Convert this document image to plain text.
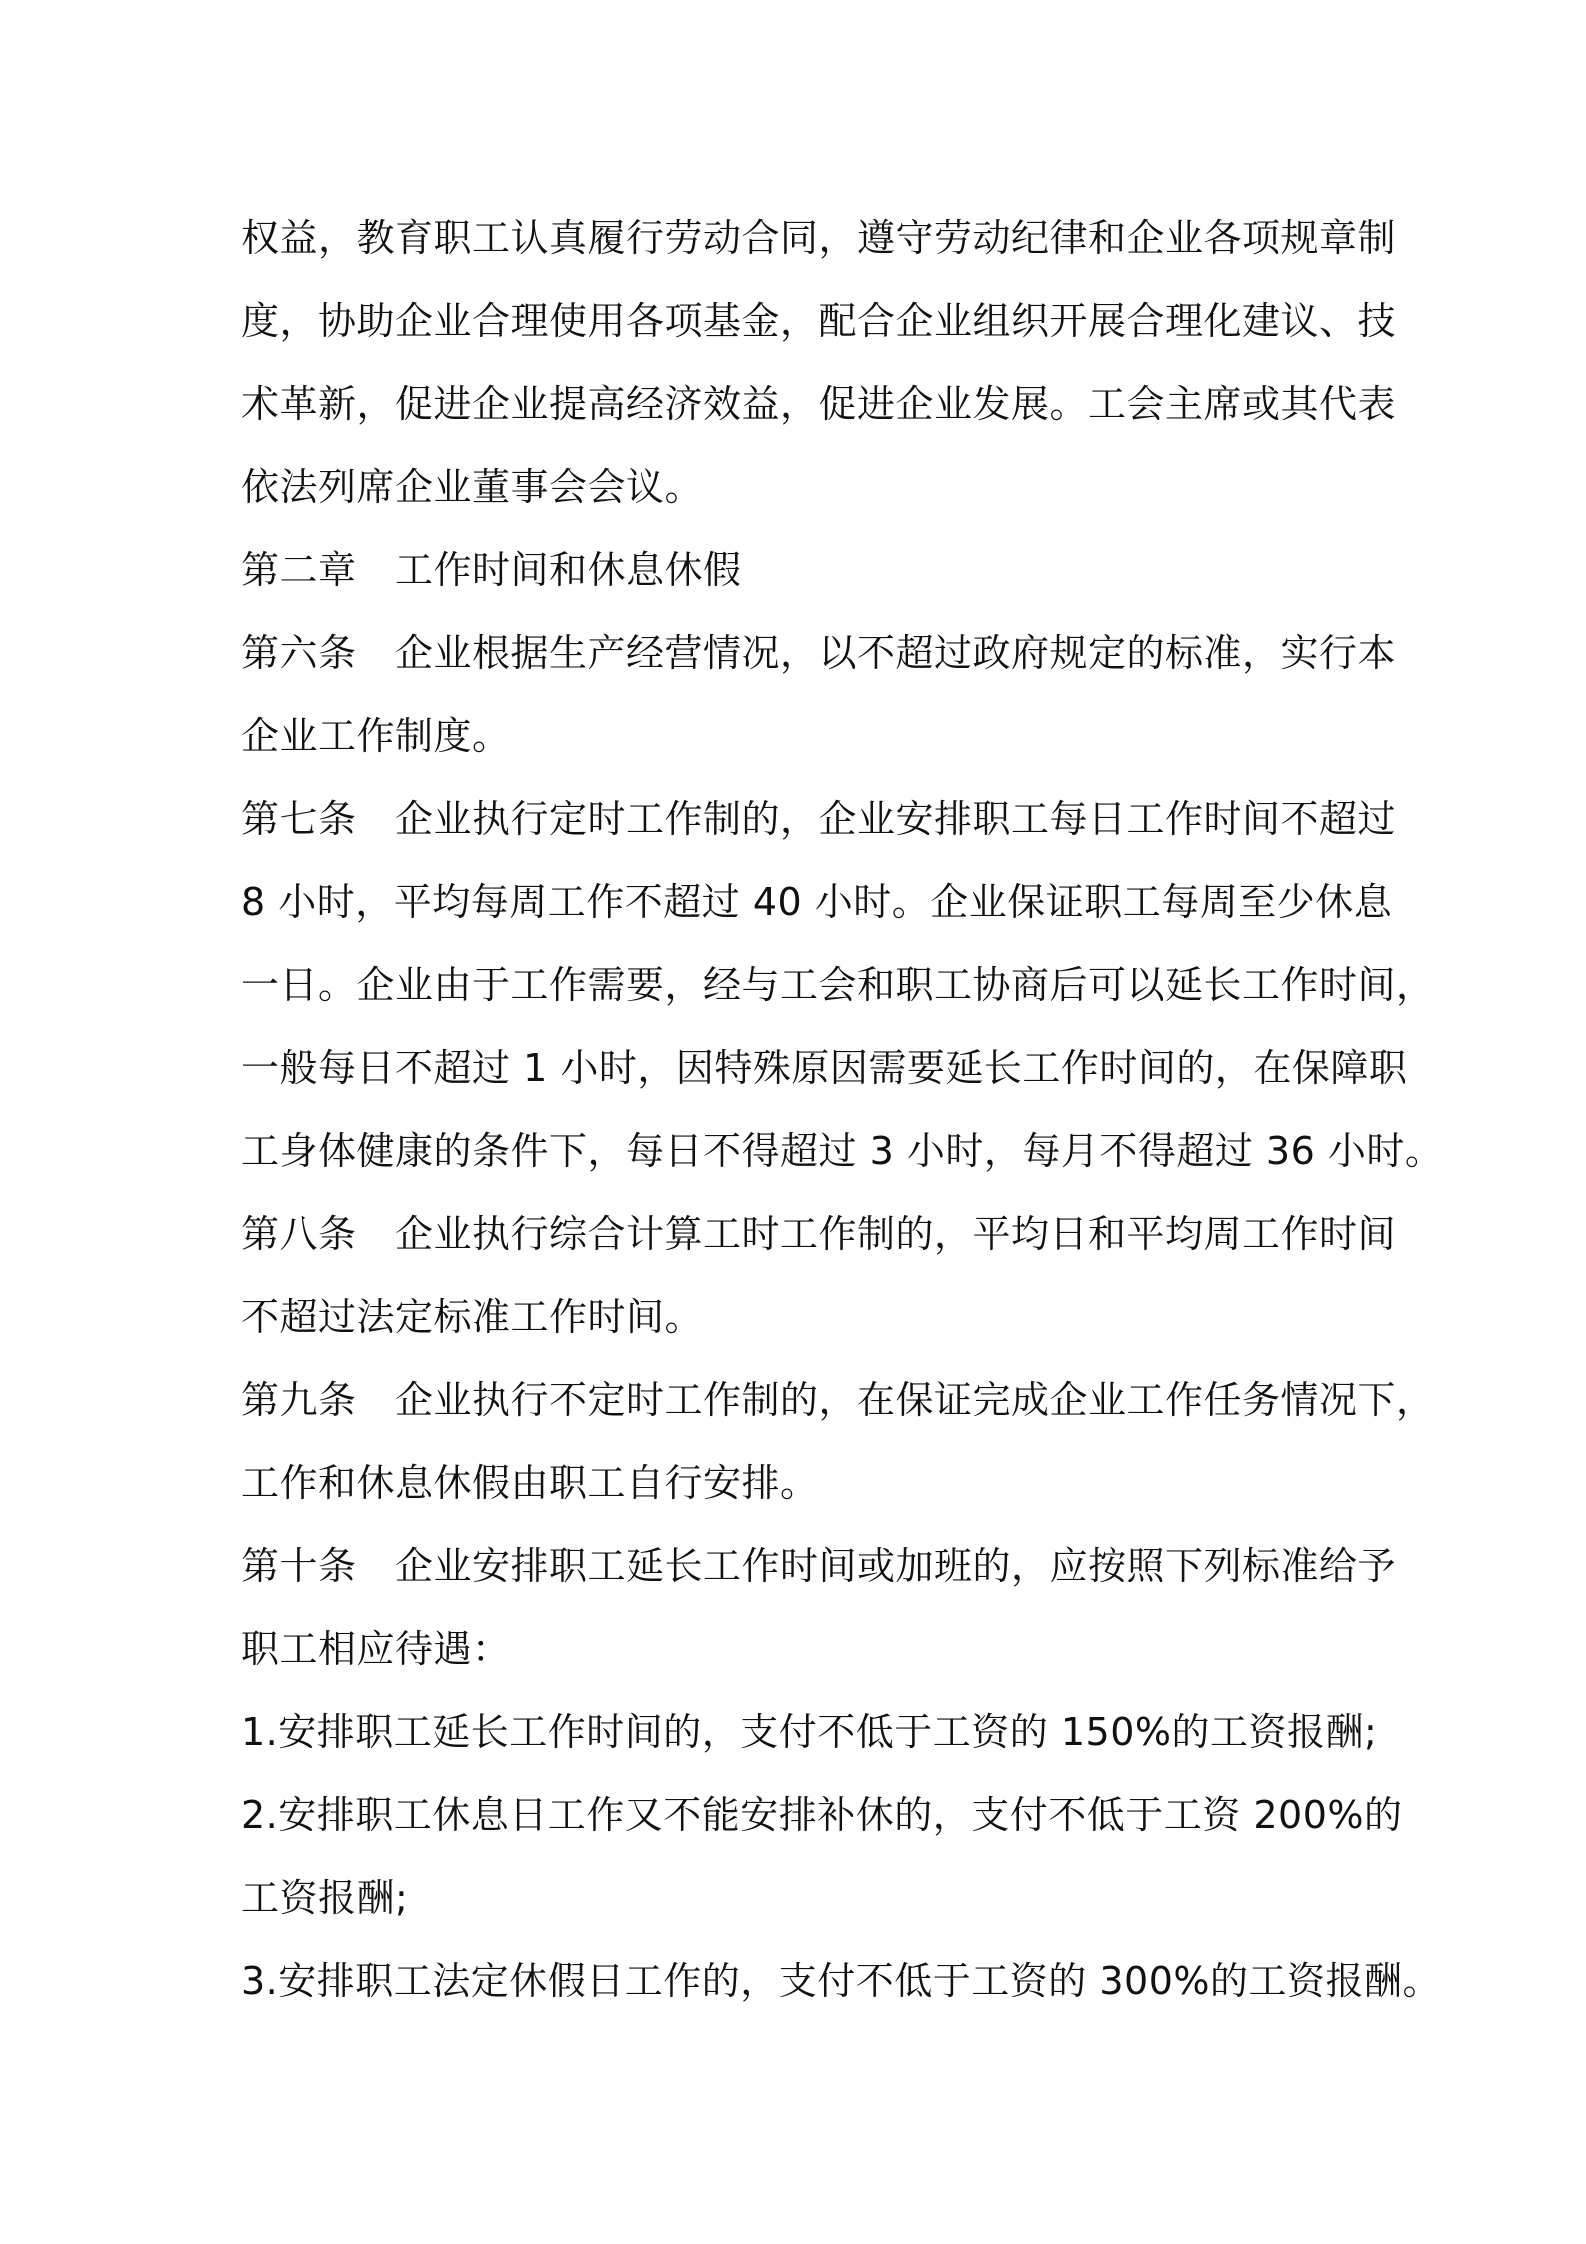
权益，教育职工认真履行劳动合同，遵守劳动纪律和企业各项规章制
度，协助企业合理使用各项基金，配合企业组织开展合理化建议、技
术革新，促进企业提高经济效益，促进企业发展。工会主席或其代表
依法列席企业董事会会议。
第二章　工作时间和休息休假
第六条　企业根据生产经营情况，以不超过政府规定的标准，实行本
企业工作制度。
第七条　企业执行定时工作制的，企业安排职工每日工作时间不超过
8 小时，平均每周工作不超过 40 小时。企业保证职工每周至少休息
一日。企业由于工作需要，经与工会和职工协商后可以延长工作时间，
一般每日不超过 1 小时，因特殊原因需要延长工作时间的，在保障职
工身体健康的条件下，每日不得超过 3 小时，每月不得超过 36 小时。
第八条　企业执行综合计算工时工作制的，平均日和平均周工作时间
不超过法定标准工作时间。
第九条　企业执行不定时工作制的，在保证完成企业工作任务情况下，
工作和休息休假由职工自行安排。
第十条　企业安排职工延长工作时间或加班的，应按照下列标准给予
职工相应待遇：
1.安排职工延长工作时间的，支付不低于工资的 150%的工资报酬;
2.安排职工休息日工作又不能安排补休的，支付不低于工资 200%的
工资报酬;
3.安排职工法定休假日工作的，支付不低于工资的 300%的工资报酬。
